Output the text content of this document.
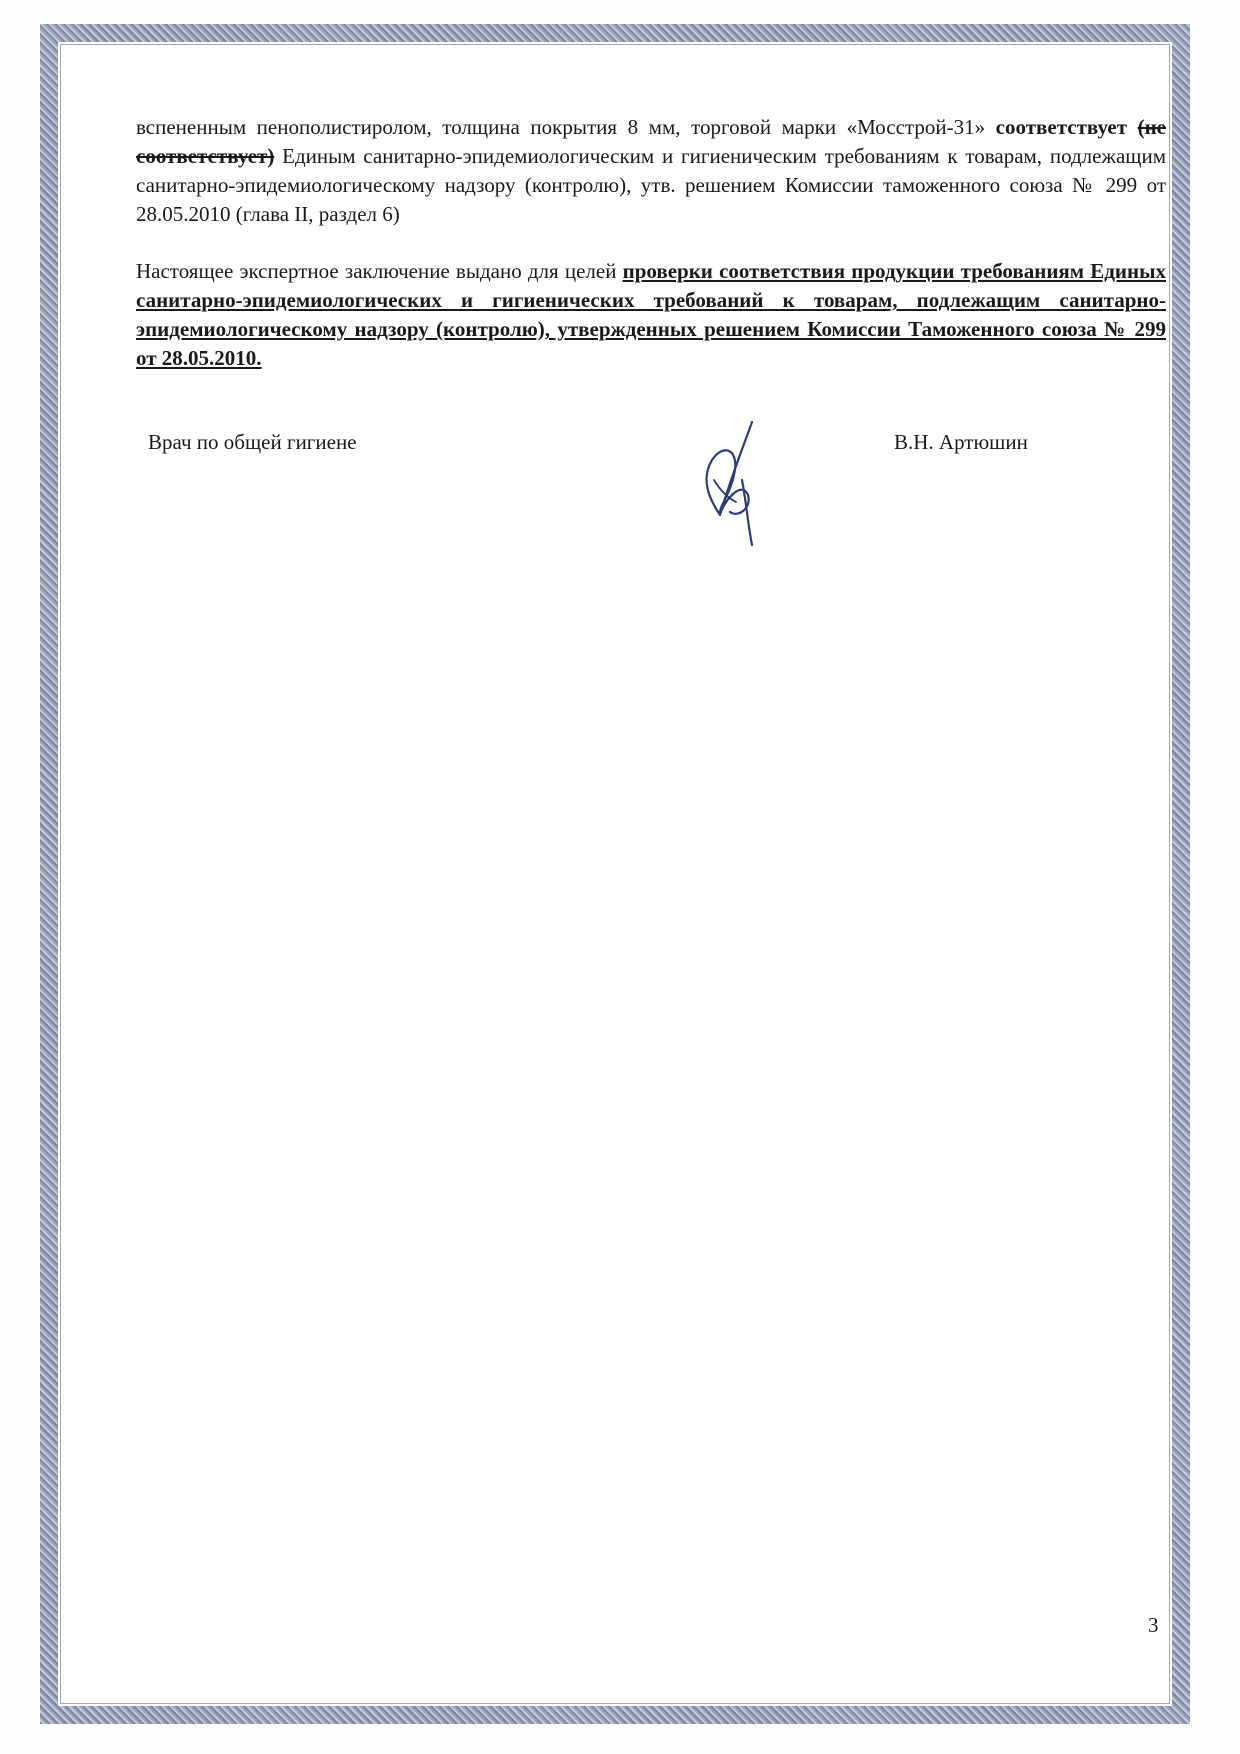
вспененным пенополистиролом, толщина покрытия 8 мм, торговой марки «Мосстрой-31» соответствует (не соответствует) Единым санитарно-эпидемиологическим и гигиеническим требованиям к товарам, подлежащим санитарно-эпидемиологическому надзору (контролю), утв. решением Комиссии таможенного союза № 299 от 28.05.2010 (глава II, раздел 6)

Настоящее экспертное заключение выдано для целей проверки соответствия продукции требованиям Единых санитарно-эпидемиологических и гигиенических требований к товарам, подлежащим санитарно-эпидемиологическому надзору (контролю), утвержденных решением Комиссии Таможенного союза № 299 от 28.05.2010.

Врач по общей гигиене	В.Н. Артюшин
3
